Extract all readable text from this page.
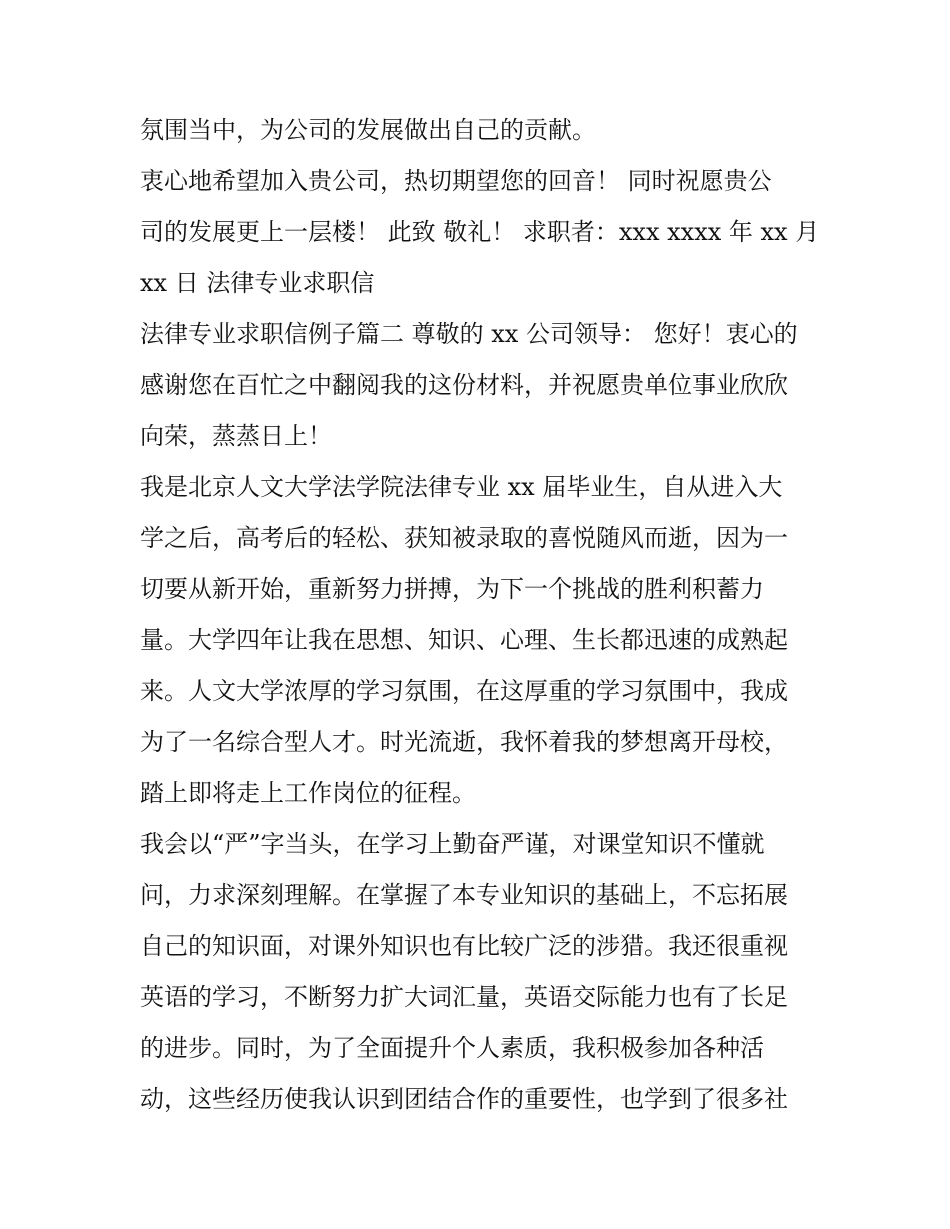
氛围当中，为公司的发展做出自己的贡献。
衷心地希望加入贵公司，热切期望您的回音！ 同时祝愿贵公
司的发展更上一层楼！ 此致 敬礼！ 求职者：xxx xxxx 年 xx 月
xx 日 法律专业求职信
法律专业求职信例子篇二 尊敬的 xx 公司领导： 您好！衷心的
感谢您在百忙之中翻阅我的这份材料，并祝愿贵单位事业欣欣
向荣，蒸蒸日上！
我是北京人文大学法学院法律专业 xx 届毕业生，自从进入大
学之后，高考后的轻松、获知被录取的喜悦随风而逝，因为一
切要从新开始，重新努力拼搏，为下一个挑战的胜利积蓄力
量。大学四年让我在思想、知识、心理、生长都迅速的成熟起
来。人文大学浓厚的学习氛围，在这厚重的学习氛围中，我成
为了一名综合型人才。时光流逝，我怀着我的梦想离开母校，
踏上即将走上工作岗位的征程。
我会以“严”字当头，在学习上勤奋严谨，对课堂知识不懂就
问，力求深刻理解。在掌握了本专业知识的基础上，不忘拓展
自己的知识面，对课外知识也有比较广泛的涉猎。我还很重视
英语的学习，不断努力扩大词汇量，英语交际能力也有了长足
的进步。同时，为了全面提升个人素质，我积极参加各种活
动，这些经历使我认识到团结合作的重要性，也学到了很多社
